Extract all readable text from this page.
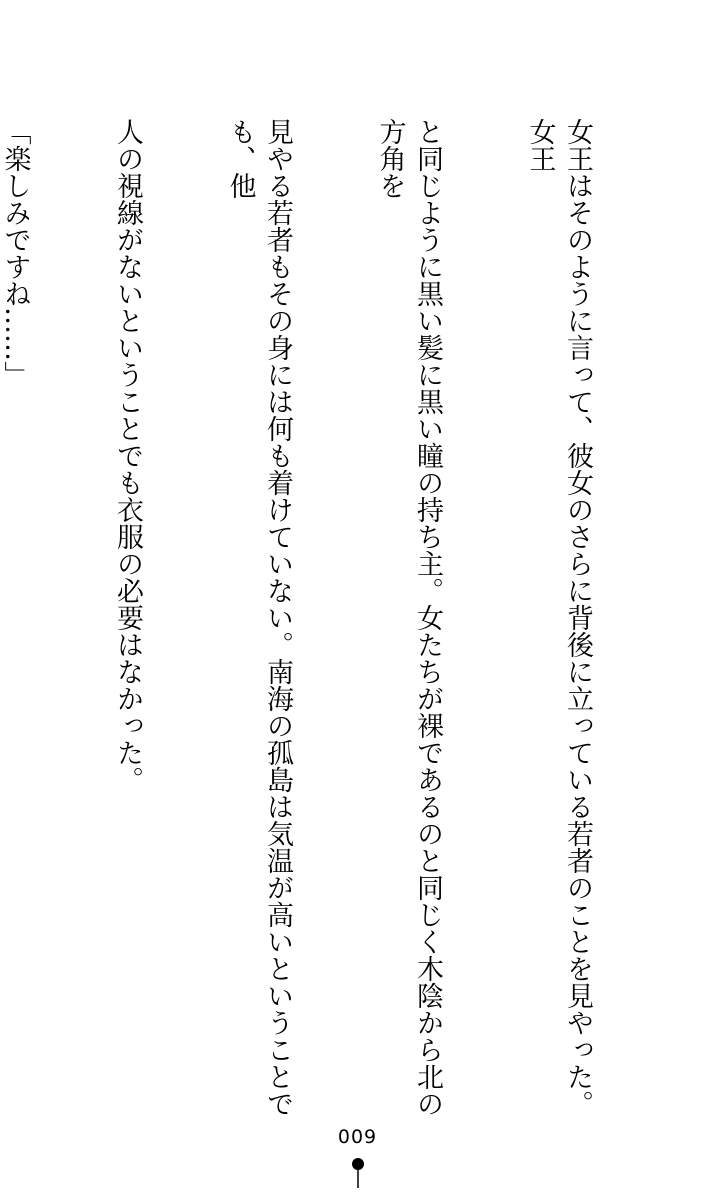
女王はそのように言って、彼女のさらに背後に立っている若者のことを見やった。女王

と同じように黒い髪に黒い瞳の持ち主。女たちが裸であるのと同じく木陰から北の方角を

見やる若者もその身には何も着けていない。南海の孤島は気温が高いということでも、他

人の視線がないということでも衣服の必要はなかった。

「楽しみですね……」

009
